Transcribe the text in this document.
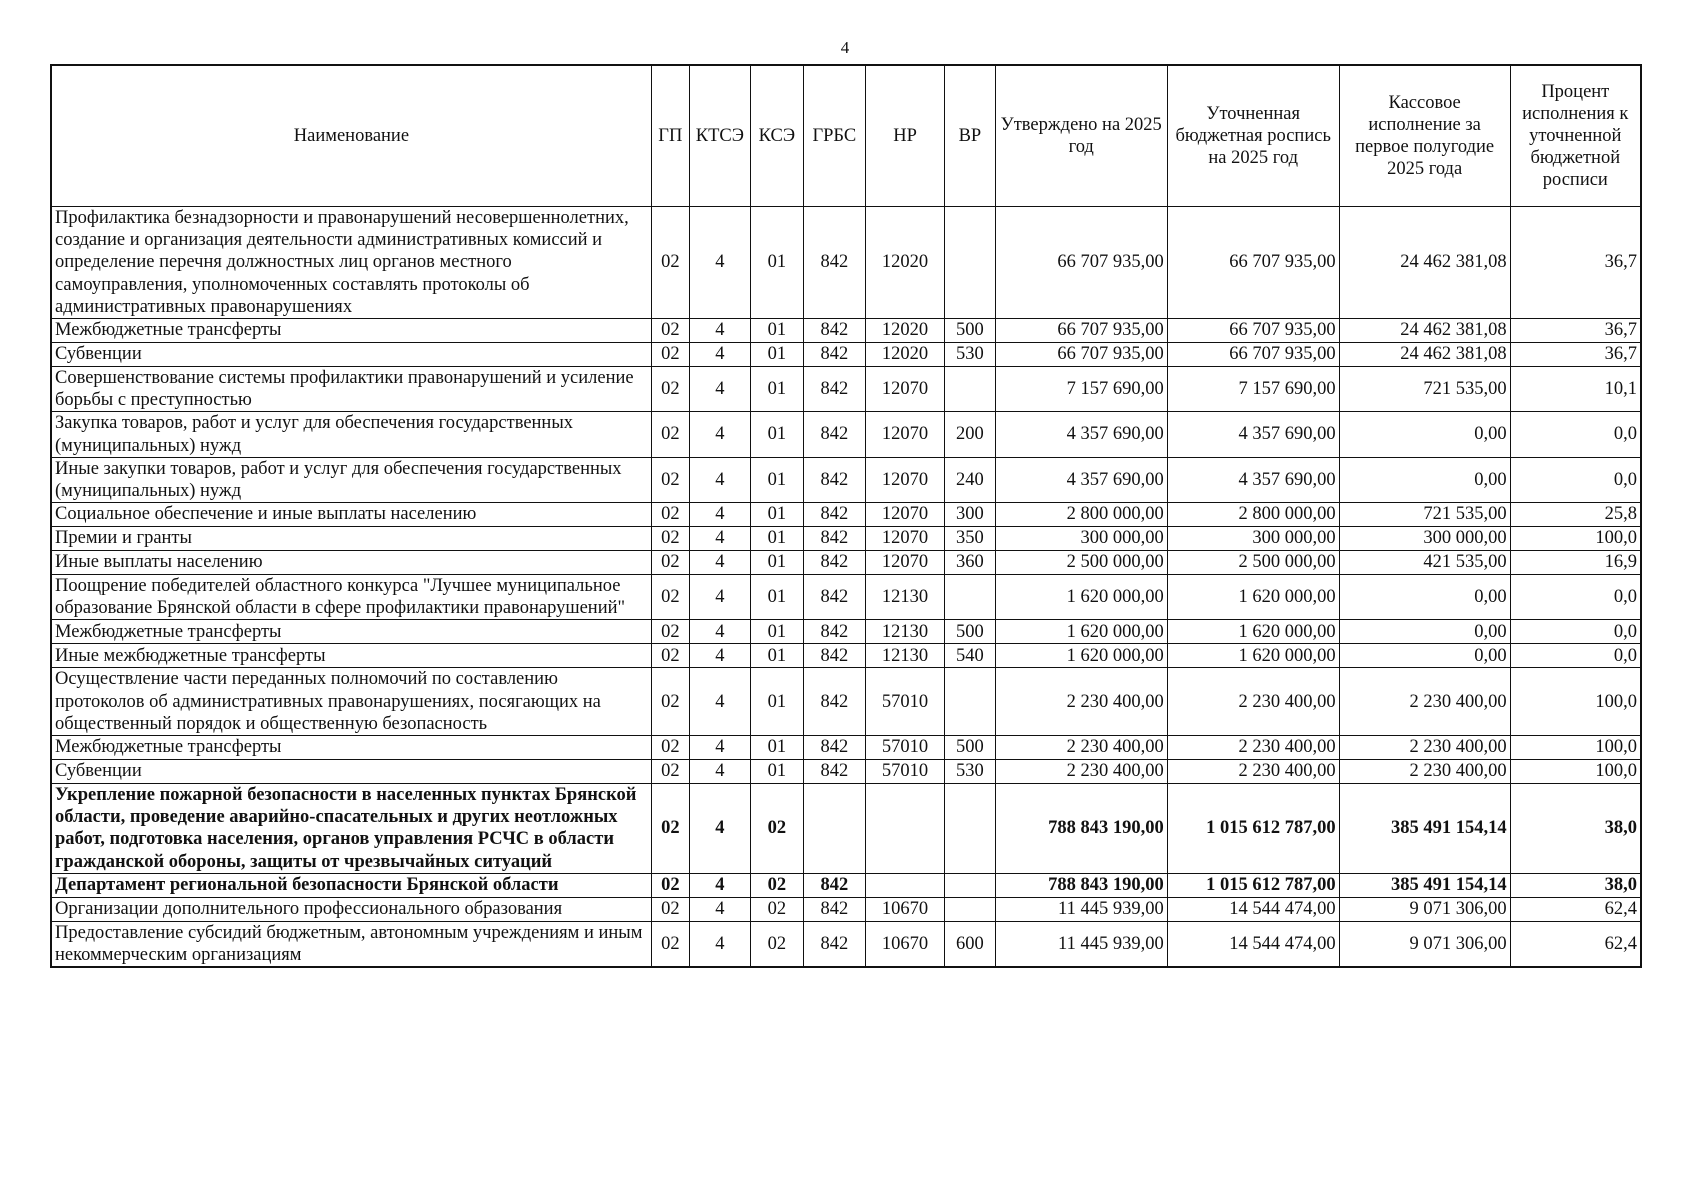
4
Наименование	ГП	КТСЭ	КСЭ	ГРБС	НР	ВР	Утверждено на 2025 год	Уточненная бюджетная роспись на 2025 год	Кассовое исполнение за первое полугодие 2025 года	Процент исполнения к уточненной бюджетной росписи
Профилактика безнадзорности и правонарушений несовершеннолетних, создание и организация деятельности административных комиссий и определение перечня должностных лиц органов местного самоуправления, уполномоченных составлять протоколы об административных правонарушениях	02	4	01	842	12020		66 707 935,00	66 707 935,00	24 462 381,08	36,7
Межбюджетные трансферты	02	4	01	842	12020	500	66 707 935,00	66 707 935,00	24 462 381,08	36,7
Субвенции	02	4	01	842	12020	530	66 707 935,00	66 707 935,00	24 462 381,08	36,7
Совершенствование системы профилактики правонарушений и усиление борьбы с преступностью	02	4	01	842	12070		7 157 690,00	7 157 690,00	721 535,00	10,1
Закупка товаров, работ и услуг для обеспечения государственных (муниципальных) нужд	02	4	01	842	12070	200	4 357 690,00	4 357 690,00	0,00	0,0
Иные закупки товаров, работ и услуг для обеспечения государственных (муниципальных) нужд	02	4	01	842	12070	240	4 357 690,00	4 357 690,00	0,00	0,0
Социальное обеспечение и иные выплаты населению	02	4	01	842	12070	300	2 800 000,00	2 800 000,00	721 535,00	25,8
Премии и гранты	02	4	01	842	12070	350	300 000,00	300 000,00	300 000,00	100,0
Иные выплаты населению	02	4	01	842	12070	360	2 500 000,00	2 500 000,00	421 535,00	16,9
Поощрение победителей областного конкурса "Лучшее муниципальное образование Брянской области в сфере профилактики правонарушений"	02	4	01	842	12130		1 620 000,00	1 620 000,00	0,00	0,0
Межбюджетные трансферты	02	4	01	842	12130	500	1 620 000,00	1 620 000,00	0,00	0,0
Иные межбюджетные трансферты	02	4	01	842	12130	540	1 620 000,00	1 620 000,00	0,00	0,0
Осуществление части переданных полномочий по составлению протоколов об административных правонарушениях, посягающих на общественный порядок и общественную безопасность	02	4	01	842	57010		2 230 400,00	2 230 400,00	2 230 400,00	100,0
Межбюджетные трансферты	02	4	01	842	57010	500	2 230 400,00	2 230 400,00	2 230 400,00	100,0
Субвенции	02	4	01	842	57010	530	2 230 400,00	2 230 400,00	2 230 400,00	100,0
Укрепление пожарной безопасности в населенных пунктах Брянской области, проведение аварийно-спасательных и других неотложных работ, подготовка населения, органов управления РСЧС в области гражданской обороны, защиты от чрезвычайных ситуаций	02	4	02				788 843 190,00	1 015 612 787,00	385 491 154,14	38,0
Департамент региональной безопасности Брянской области	02	4	02	842			788 843 190,00	1 015 612 787,00	385 491 154,14	38,0
Организации дополнительного профессионального образования	02	4	02	842	10670		11 445 939,00	14 544 474,00	9 071 306,00	62,4
Предоставление субсидий бюджетным, автономным учреждениям и иным некоммерческим организациям	02	4	02	842	10670	600	11 445 939,00	14 544 474,00	9 071 306,00	62,4
